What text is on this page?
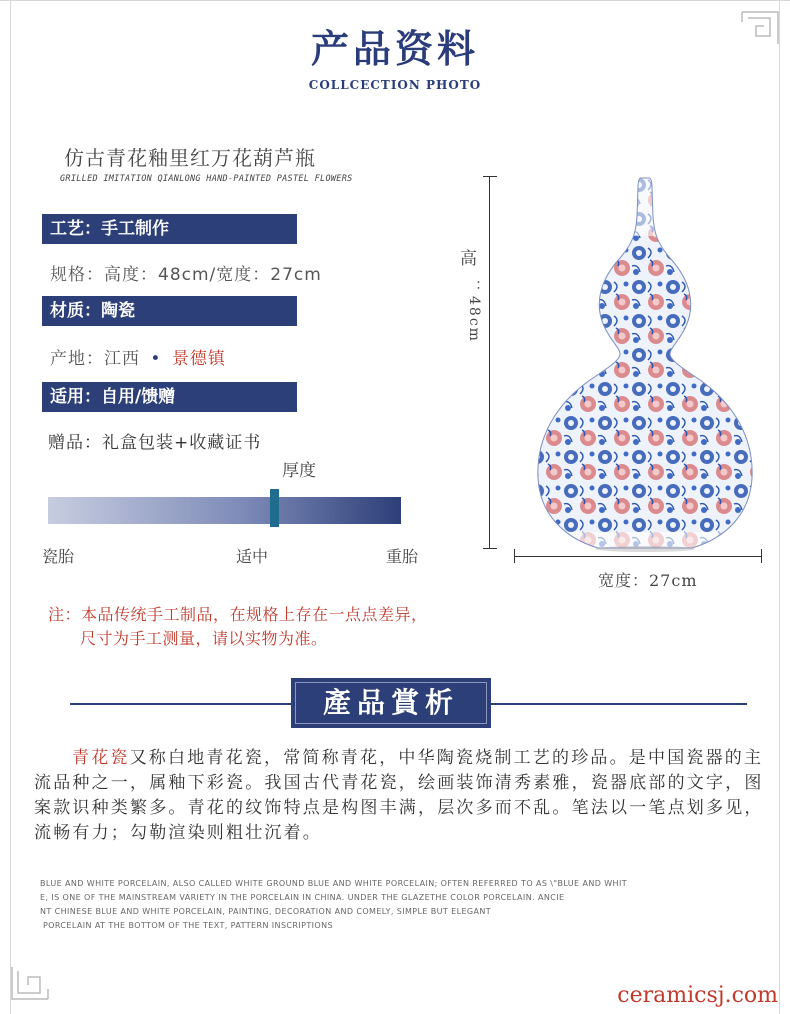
产品资料
COLLCECTION PHOTO
仿古青花釉里红万花葫芦瓶
GRILLED IMITATION QIANLONG HAND-PAINTED PASTEL FLOWERS
工艺：手工制作
规格：高度：48cm/宽度：27cm
材质：陶瓷
产地：江西 • 景德镇
适用：自用/馈赠
赠品：礼盒包装+收藏证书
厚度
瓷胎	适中	重胎
注：本品传统手工制品，在规格上存在一点点差异，
尺寸为手工测量，请以实物为准。
高
：48cm
宽度：27cm
產品賞析
青花瓷又称白地青花瓷，常简称青花，中华陶瓷烧制工艺的珍品。是中国瓷器的主流品种之一，属釉下彩瓷。我国古代青花瓷，绘画装饰清秀素雅，瓷器底部的文字，图案款识种类繁多。青花的纹饰特点是构图丰满，层次多而不乱。笔法以一笔点划多见，流畅有力；勾勒渲染则粗壮沉着。
BLUE AND WHITE PORCELAIN, ALSO CALLED WHITE GROUND BLUE AND WHITE PORCELAIN; OFTEN REFERRED TO AS \"BLUE AND WHIT
E, IS ONE OF THE MAINSTREAM VARIETY IN THE PORCELAIN IN CHINA. UNDER THE GLAZETHE COLOR PORCELAIN. ANCIE
NT CHINESE BLUE AND WHITE PORCELAIN, PAINTING, DECORATION AND COMELY, SIMPLE BUT ELEGANT
PORCELAIN AT THE BOTTOM OF THE TEXT, PATTERN INSCRIPTIONS
ceramicsj.com
